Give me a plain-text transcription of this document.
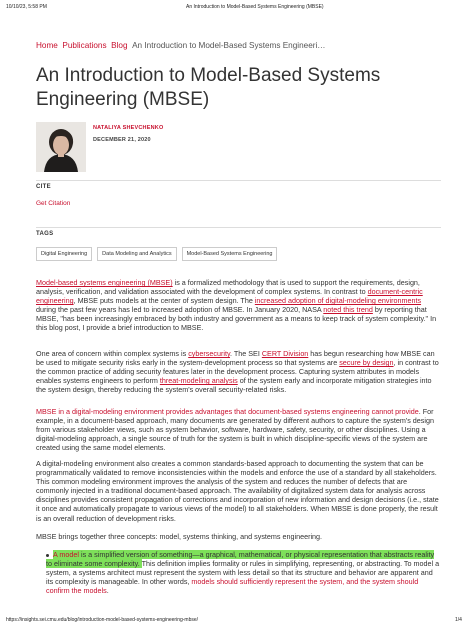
10/10/23, 5:58 PM	An Introduction to Model-Based Systems Engineering (MBSE)
Home Publications Blog An Introduction to Model-Based Systems Engineeri…
An Introduction to Model-Based Systems Engineering (MBSE)
NATALIYA SHEVCHENKO
DECEMBER 21, 2020
CITE
Get Citation
TAGS
Digital Engineering	Data Modeling and Analytics	Model-Based Systems Engineering

Model-based systems engineering (MBSE) is a formalized methodology that is used to support the requirements, design, analysis, verification, and validation associated with the development of complex systems. In contrast to document-centric engineering, MBSE puts models at the center of system design. The increased adoption of digital-modeling environments during the past few years has led to increased adoption of MBSE. In January 2020, NASA noted this trend by reporting that MBSE, "has been increasingly embraced by both industry and government as a means to keep track of system complexity." In this blog post, I provide a brief introduction to MBSE.

One area of concern within complex systems is cybersecurity. The SEI CERT Division has begun researching how MBSE can be used to mitigate security risks early in the system-development process so that systems are secure by design, in contrast to the common practice of adding security features later in the development process. Capturing system attributes in models enables systems engineers to perform threat-modeling analysis of the system early and incorporate mitigation strategies into the system design, thereby reducing the system's overall security-related risks.

MBSE in a digital-modeling environment provides advantages that document-based systems engineering cannot provide. For example, in a document-based approach, many documents are generated by different authors to capture the system's design from various stakeholder views, such as system behavior, software, hardware, safety, security, or other disciplines. Using a digital-modeling approach, a single source of truth for the system is built in which discipline-specific views of the system are created using the same model elements.

A digital-modeling environment also creates a common standards-based approach to documenting the system that can be programmatically validated to remove inconsistencies within the models and enforce the use of a standard by all stakeholders. This common modeling environment improves the analysis of the system and reduces the number of defects that are commonly injected in a traditional document-based approach. The availability of digitalized system data for analysis across disciplines provides consistent propagation of corrections and incorporation of new information and design decisions (i.e., state it once and automatically propagate to various views of the model) to all stakeholders. When MBSE is done properly, the result is an overall reduction of development risks.

MBSE brings together three concepts: model, systems thinking, and systems engineering.

A model is a simplified version of something—a graphical, mathematical, or physical representation that abstracts reality to eliminate some complexity. This definition implies formality or rules in simplifying, representing, or abstracting. To model a system, a systems architect must represent the system with less detail so that its structure and behavior are apparent and its complexity is manageable. In other words, models should sufficiently represent the system, and the system should confirm the models.
https://insights.sei.cmu.edu/blog/introduction-model-based-systems-engineering-mbse/	1/4
